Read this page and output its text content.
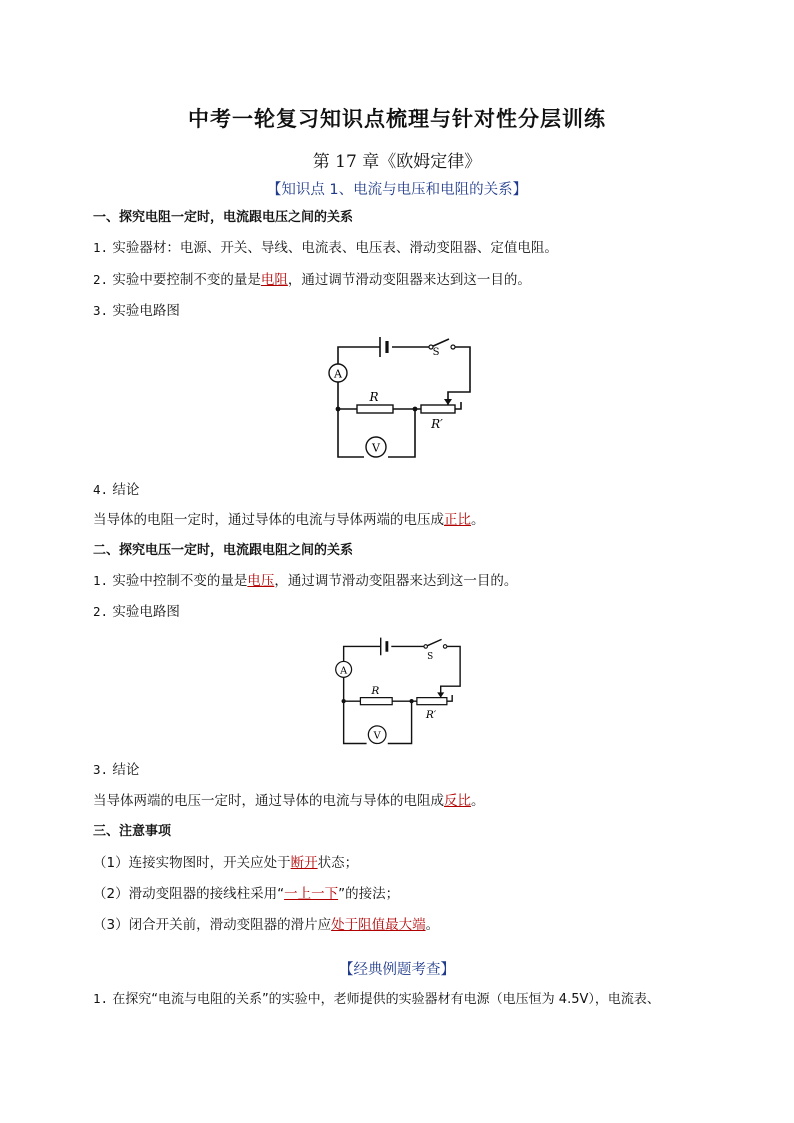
中考一轮复习知识点梳理与针对性分层训练
第 17 章《欧姆定律》
【知识点 1、电流与电压和电阻的关系】
一、探究电阻一定时，电流跟电压之间的关系
1. 实验器材：电源、开关、导线、电流表、电压表、滑动变阻器、定值电阻。
2. 实验中要控制不变的量是电阻，通过调节滑动变阻器来达到这一目的。
3. 实验电路图
A
R
R′
V
S
4. 结论
当导体的电阻一定时，通过导体的电流与导体两端的电压成正比。
二、探究电压一定时，电流跟电阻之间的关系
1. 实验中控制不变的量是电压，通过调节滑动变阻器来达到这一目的。
2. 实验电路图
A
R
R′
V
S
3. 结论
当导体两端的电压一定时，通过导体的电流与导体的电阻成反比。
三、注意事项
（1）连接实物图时，开关应处于断开状态；
（2）滑动变阻器的接线柱采用“一上一下”的接法；
（3）闭合开关前，滑动变阻器的滑片应处于阻值最大端。
【经典例题考查】
1. 在探究“电流与电阻的关系”的实验中，老师提供的实验器材有电源（电压恒为 4.5V），电流表、
